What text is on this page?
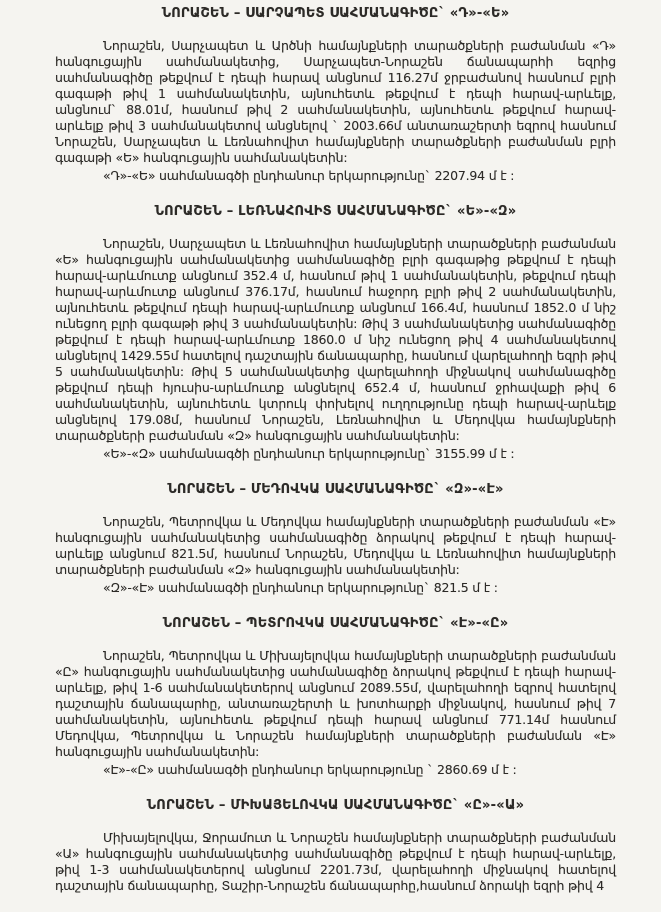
ՆՈՐԱՇԵՆ – ՍԱՐՉԱՊԵՏ ՍԱՀՄԱՆԱԳԻԾԸ` «Դ»-«Ե»

Նորաշեն, Սարչապետ և Արծնի համայնքների տարածքների բաժանման «Դ» հանգուցային սահմանակետից, Սարչապետ-Նորաշեն ճանապարհի եզրից սահմանագիծը թեքվում է դեպի հարավ անցնում 116.27մ ջրբաժանով հասնում բլրի գագաթի թիվ 1 սահմանակետին, այնուհետև թեքվում է դեպի հարավ-արևելք, անցնում` 88.01մ, հասնում թիվ 2 սահմանակետին, այնուհետև թեքվում հարավ-արևելք թիվ 3 սահմանակետով անցնելով ` 2003.66մ անտառաշերտի եզրով հասնում Նորաշեն, Սարչապետ և Լեռնահովիտ համայնքների տարածքների բաժանման բլրի գագաթի «Ե» հանգուցային սահմանակետին:

«Դ»-«Ե» սահմանագծի ընդհանուր երկարությունը` 2207.94 մ է :

ՆՈՐԱՇԵՆ – ԼԵՌՆԱՀՈՎԻՏ ՍԱՀՄԱՆԱԳԻԾԸ` «Ե»-«Զ»

Նորաշեն, Սարչապետ և Լեռնահովիտ համայնքների տարածքների բաժանման «Ե» հանգուցային սահմանակետից սահմանագիծը բլրի գագաթից թեքվում է դեպի հարավ-արևմուտք անցնում 352.4 մ, հասնում թիվ 1 սահմանակետին, թեքվում դեպի հարավ-արևմուտք անցնում 376.17մ, հասնում հաջորդ բլրի թիվ 2 սահմանակետին, այնուհետև թեքվում դեպի հարավ-արևմուտք անցնում 166.4մ, հասնում 1852.0 մ նիշ ունեցող բլրի գագաթի թիվ 3 սահմանակետին: Թիվ 3 սահմանակետից սահմանագիծը թեքվում է դեպի հարավ-արևմուտք 1860.0 մ նիշ ունեցող թիվ 4 սահմանակետով անցնելով 1429.55մ հատելով դաշտային ճանապարհը, հասնում վարելահողի եզրի թիվ 5 սահմանակետին: Թիվ 5 սահմանակետից վարելահողի միջնակով սահմանագիծը թեքվում դեպի հյուսիս-արևմուտք անցնելով 652.4 մ, հասնում ջրհավաքի թիվ 6 սահմանակետին, այնուհետև կտրուկ փոխելով ուղղությունը դեպի հարավ-արևելք անցնելով 179.08մ, հասնում Նորաշեն, Լեռնահովիտ և Մեդովկա համայնքների տարածքների բաժանման «Զ» հանգուցային սահմանակետին:

«Ե»-«Զ» սահմանագծի ընդհանուր երկարությունը` 3155.99 մ է :

ՆՈՐԱՇԵՆ – ՄԵԴՈՎԿԱ ՍԱՀՄԱՆԱԳԻԾԸ` «Զ»-«Է»

Նորաշեն, Պետրովկա և Մեդովկա համայնքների տարածքների բաժանման «Է» հանգուցային սահմանակետից սահմանագիծը ձորակով թեքվում է դեպի հարավ-արևելք անցնում 821.5մ, հասնում Նորաշեն, Մեդովկա և Լեռնահովիտ համայնքների տարածքների բաժանման «Զ» հանգուցային սահմանակետին:

«Զ»-«Է» սահմանագծի ընդհանուր երկարությունը` 821.5 մ է :

ՆՈՐԱՇԵՆ – ՊԵՏՐՈՎԿԱ ՍԱՀՄԱՆԱԳԻԾԸ` «Է»-«Ը»

Նորաշեն, Պետրովկա և Միխայելովկա համայնքների տարածքների բաժանման «Ը» հանգուցային սահմանակետից սահմանագիծը ձորակով թեքվում է դեպի հարավ-արևելք, թիվ 1-6 սահմանակետերով անցնում 2089.55մ, վարելահողի եզրով հատելով դաշտային ճանապարհը, անտառաշերտի և խոտհարքի միջնակով, հասնում թիվ 7 սահմանակետին, այնուհետև թեքվում դեպի հարավ անցնում 771.14մ հասնում Մեդովկա, Պետրովկա և Նորաշեն համայնքների տարածքների բաժանման «Է» հանգուցային սահմանակետին:

«Է»-«Ը» սահմանագծի ընդհանուր երկարությունը ` 2860.69 մ է :

ՆՈՐԱՇԵՆ – ՄԻԽԱՅԵԼՈՎԿԱ ՍԱՀՄԱՆԱԳԻԾԸ` «Ը»-«Ա»

Միխայելովկա, Ջորամուտ և Նորաշեն համայնքների տարածքների բաժանման «Ա» հանգուցային սահմանակետից սահմանագիծը թեքվում է դեպի հարավ-արևելք, թիվ 1-3 սահմանակետերով անցնում 2201.73մ, վարելահողի միջնակով հատելով դաշտային ճանապարհը, Տաշիր-Նորաշեն ճանապարհը,հասնում ձորակի եզրի թիվ 4
